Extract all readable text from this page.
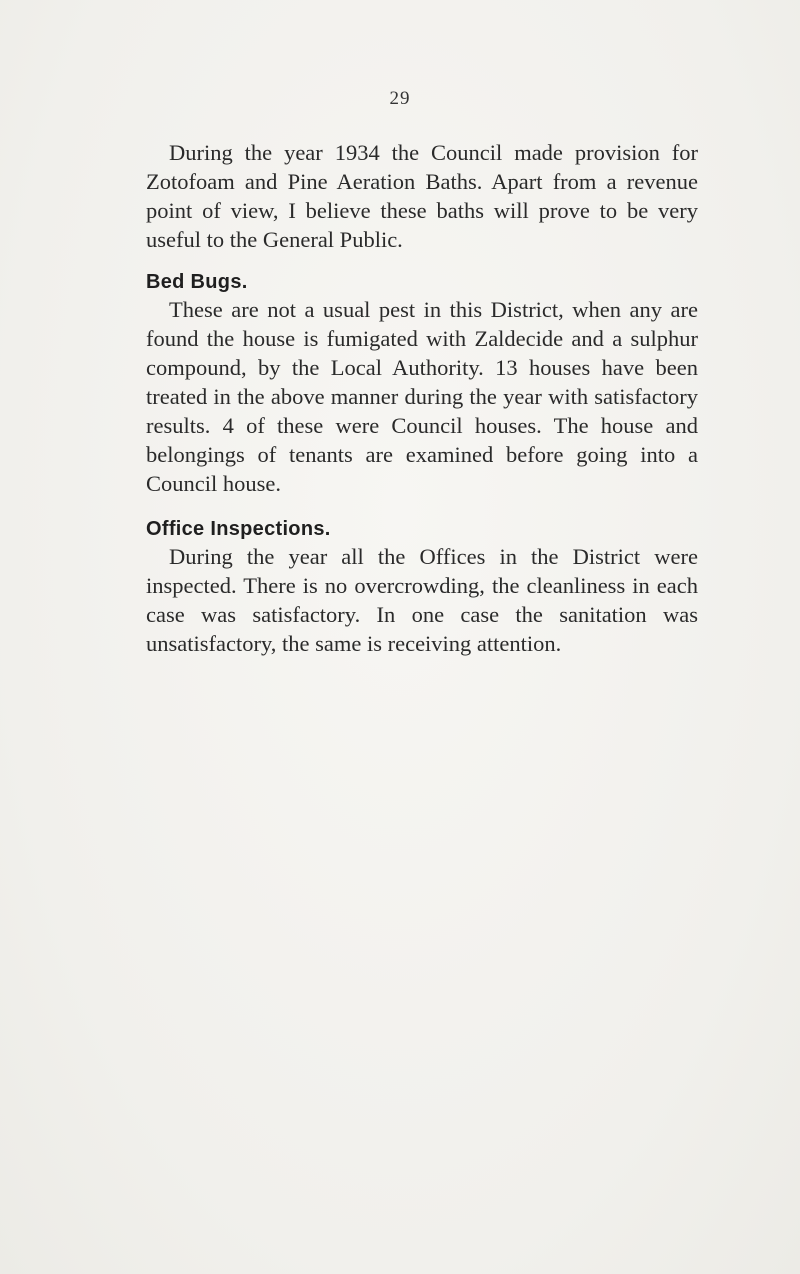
29

During the year 1934 the Council made provision for Zotofoam and Pine Aeration Baths. Apart from a revenue point of view, I believe these baths will prove to be very useful to the General Public.

Bed Bugs.

These are not a usual pest in this District, when any are found the house is fumigated with Zaldecide and a sulphur compound, by the Local Authority. 13 houses have been treated in the above manner during the year with satisfactory results. 4 of these were Council houses. The house and belongings of tenants are examined before going into a Council house.

Office Inspections.

During the year all the Offices in the District were inspected. There is no overcrowding, the cleanliness in each case was satisfactory. In one case the sanitation was unsatisfactory, the same is receiving attention.
